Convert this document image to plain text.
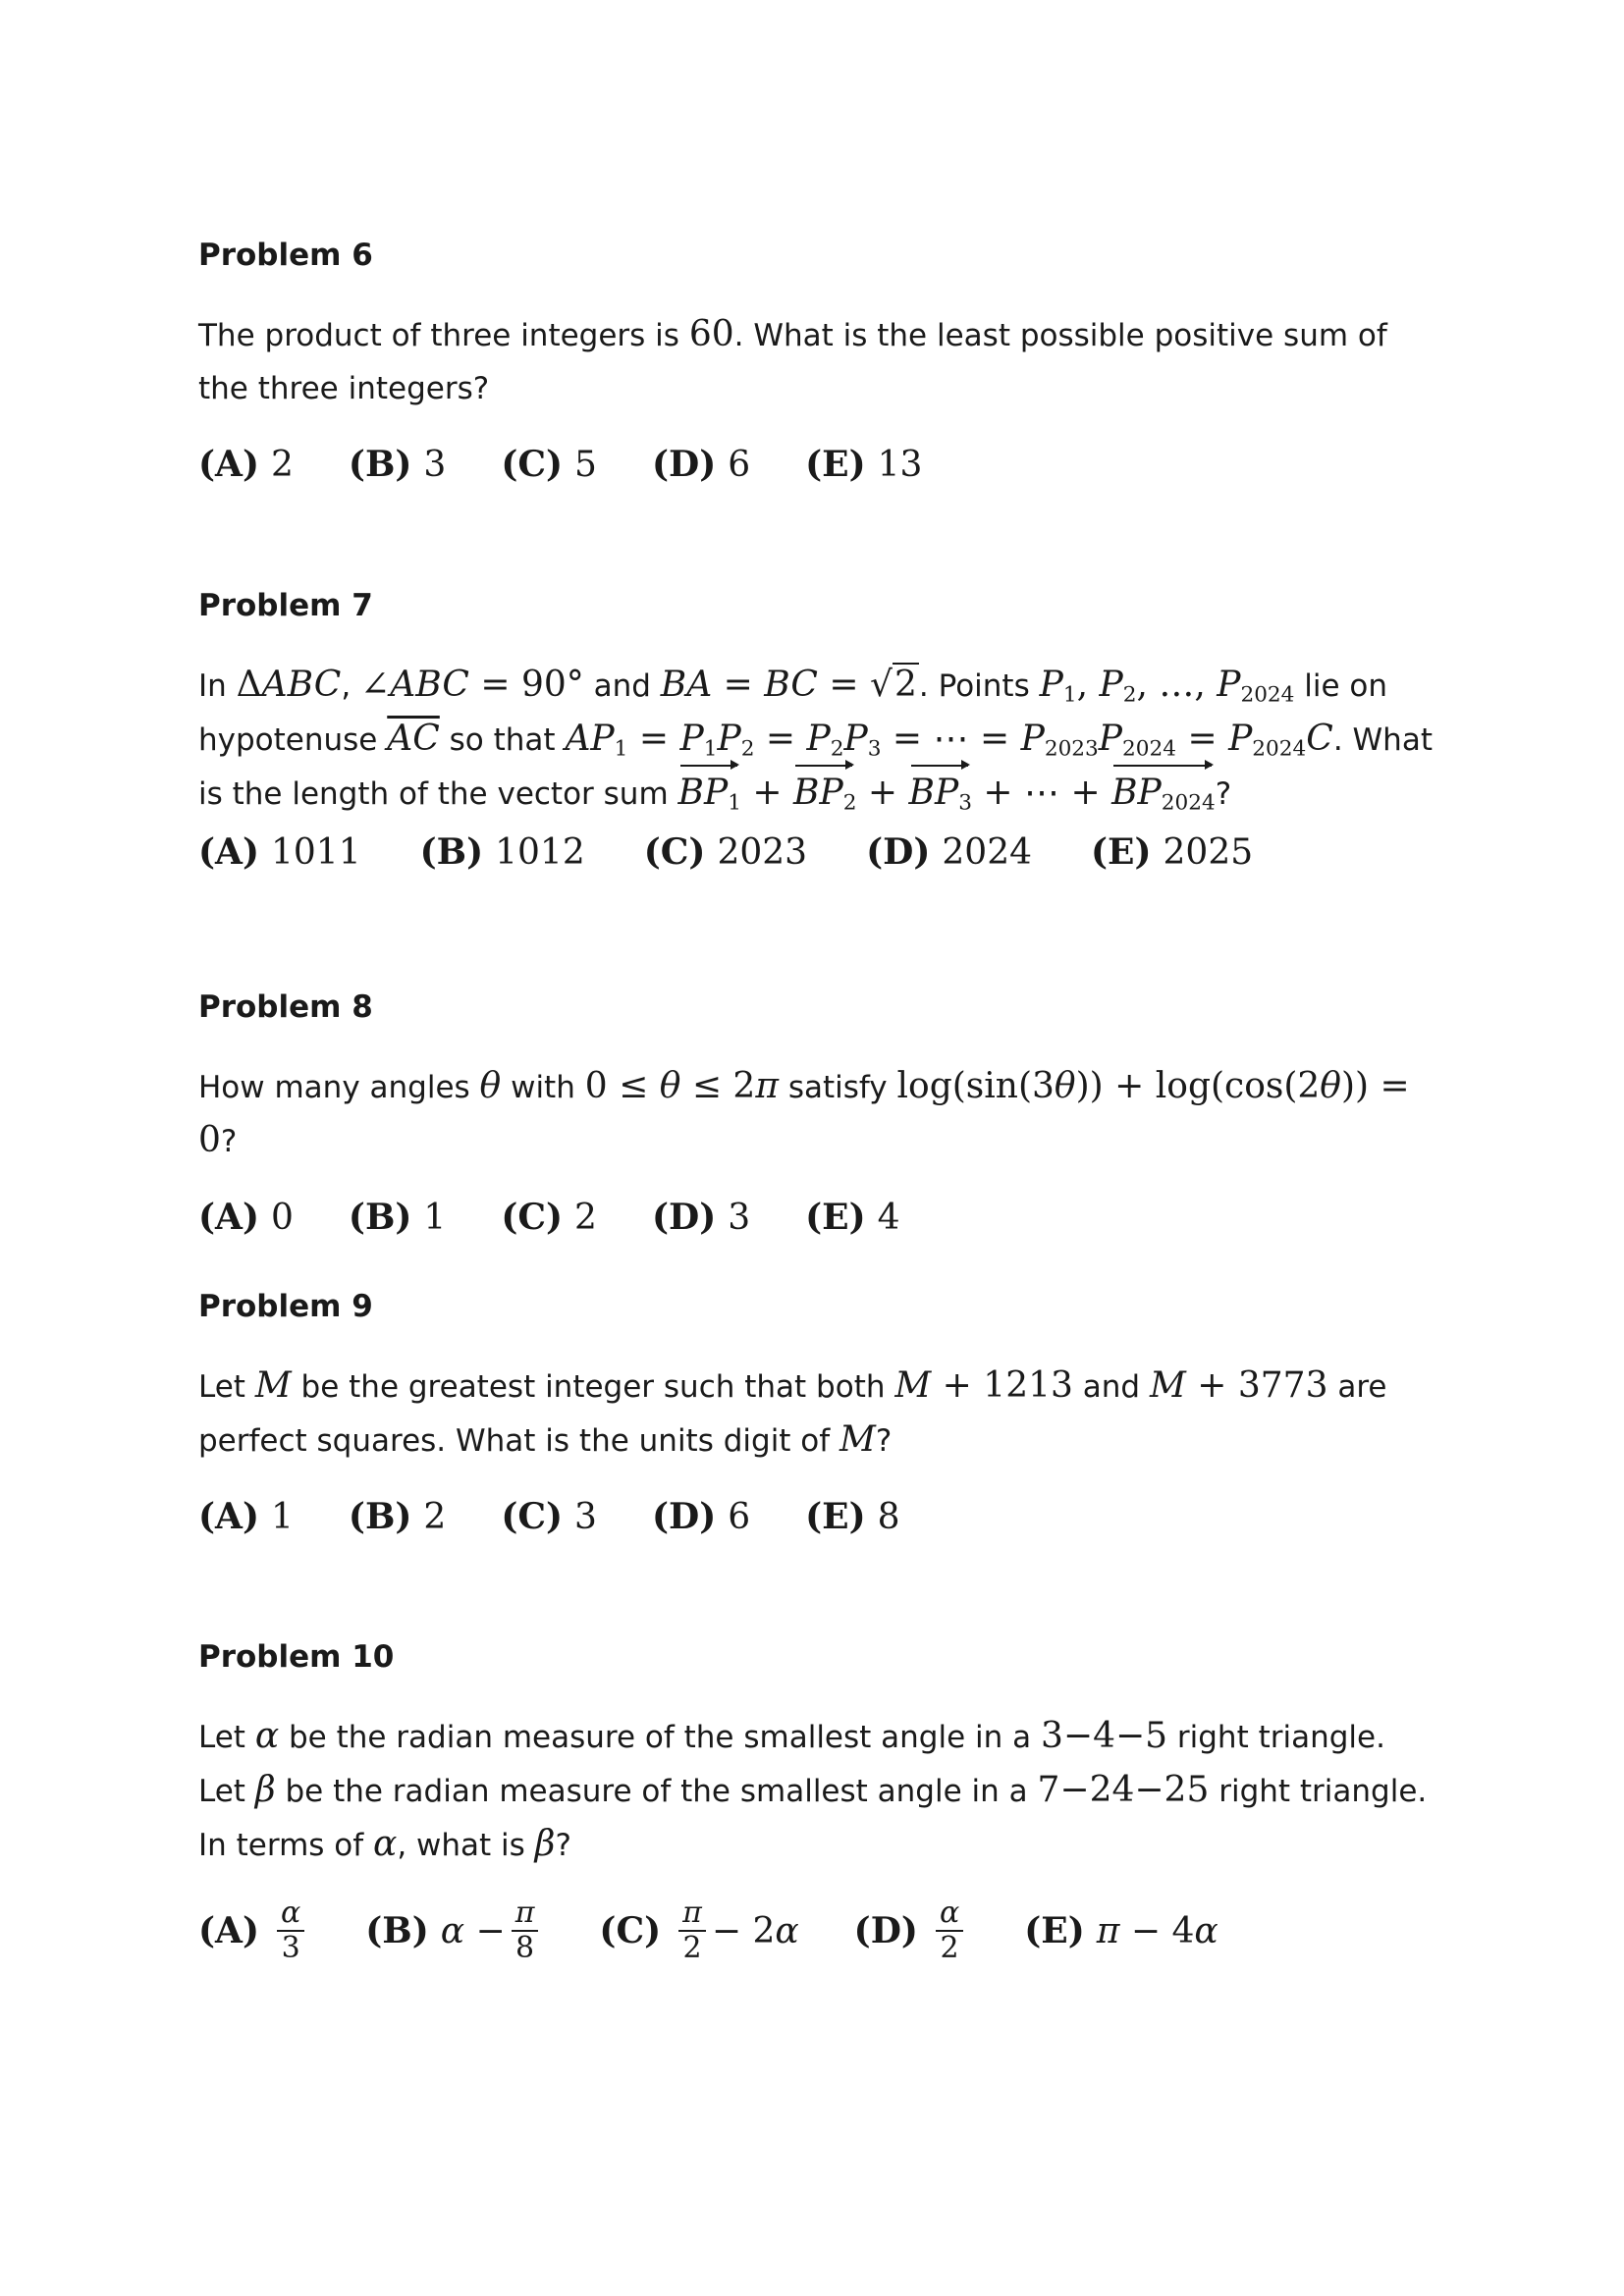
Problem 6
The product of three integers is 60. What is the least possible positive sum of the three integers?
(A) 2 (B) 3 (C) 5 (D) 6 (E) 13
Problem 7
In ΔABC, ∠ABC = 90° and BA = BC = √2. Points $P_1$, $P_2$, …, $P_{2024}$ lie on hypotenuse $\overline{AC}$ so that $AP_1 = P_1P_2 = P_2P_3$ = ⋯ = $P_{2023}P_{2024} = P_{2024}C$. What is the length of the vector sum $BP_1 + BP_2 + BP_3$ + ⋯ + $BP_{2024}$?
(A) 1011 (B) 1012 (C) 2023 (D) 2024 (E) 2025
Problem 8
How many angles θ with 0 ≤ θ ≤ 2π satisfy log(sin(3θ)) + log(cos(2θ)) = 0?
(A) 0 (B) 1 (C) 2 (D) 3 (E) 4
Problem 9
Let M be the greatest integer such that both M + 1213 and M + 3773 are perfect squares. What is the units digit of M?
(A) 1 (B) 2 (C) 3 (D) 6 (E) 8
Problem 10
Let α be the radian measure of the smallest angle in a 3−4−5 right triangle. Let β be the radian measure of the smallest angle in a 7−24−25 right triangle. In terms of α, what is β?
$(A) \frac{\alpha}{3} (B) \alpha - \frac{\pi}{8} (C) \frac{\pi}{2} - 2$ α $(D) \frac{\alpha}{2} (E) \pi - 4$ α
